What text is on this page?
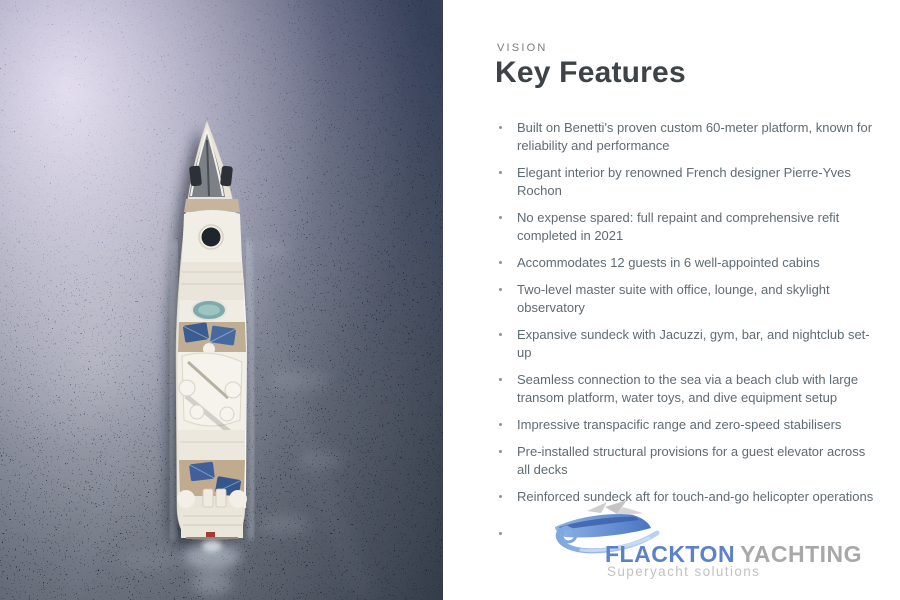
VISION
Key Features
Built on Benetti's proven custom 60-meter platform, known for reliability and performance
Elegant interior by renowned French designer Pierre-Yves Rochon
No expense spared: full repaint and comprehensive refit completed in 2021
Accommodates 12 guests in 6 well-appointed cabins
Two-level master suite with office, lounge, and skylight observatory
Expansive sundeck with Jacuzzi, gym, bar, and nightclub set-up
Seamless connection to the sea via a beach club with large transom platform, water toys, and dive equipment setup
Impressive transpacific range and zero-speed stabilisers
Pre-installed structural provisions for a guest elevator across all decks
Reinforced sundeck aft for touch-and-go helicopter operations
FLACKTON YACHTING
Superyacht solutions
